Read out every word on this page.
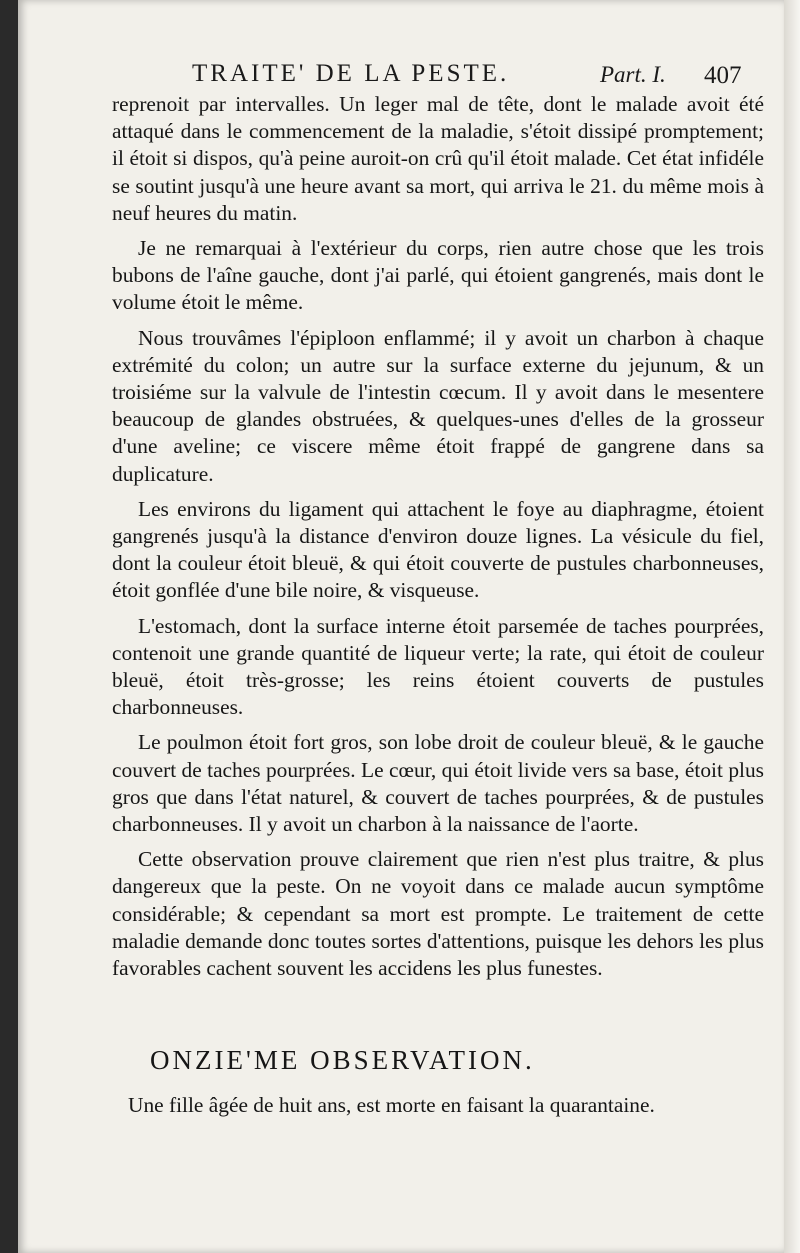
TRAITE' DE LA PESTE.	Part. I. 407

reprenoit par intervalles. Un leger mal de tête, dont le malade avoit été attaqué dans le commencement de la maladie, s'étoit dissipé promptement; il étoit si dispos, qu'à peine auroit-on crû qu'il étoit malade. Cet état infidéle se soutint jusqu'à une heure avant sa mort, qui arriva le 21. du même mois à neuf heures du matin.

Je ne remarquai à l'extérieur du corps, rien autre chose que les trois bubons de l'aîne gauche, dont j'ai parlé, qui étoient gangrenés, mais dont le volume étoit le même.

Nous trouvâmes l'épiploon enflammé; il y avoit un charbon à chaque extrémité du colon; un autre sur la surface externe du jejunum, & un troisiéme sur la valvule de l'intestin cœcum. Il y avoit dans le mesentere beaucoup de glandes obstruées, & quelques-unes d'elles de la grosseur d'une aveline; ce viscere même étoit frappé de gangrene dans sa duplicature.

Les environs du ligament qui attachent le foye au diaphragme, étoient gangrenés jusqu'à la distance d'environ douze lignes. La vésicule du fiel, dont la couleur étoit bleuë, & qui étoit couverte de pustules charbonneuses, étoit gonflée d'une bile noire, & visqueuse.

L'estomach, dont la surface interne étoit parsemée de taches pourprées, contenoit une grande quantité de liqueur verte; la rate, qui étoit de couleur bleuë, étoit très-grosse; les reins étoient couverts de pustules charbonneuses.

Le poulmon étoit fort gros, son lobe droit de couleur bleuë, & le gauche couvert de taches pourprées. Le cœur, qui étoit livide vers sa base, étoit plus gros que dans l'état naturel, & couvert de taches pourprées, & de pustules charbonneuses. Il y avoit un charbon à la naissance de l'aorte.

Cette observation prouve clairement que rien n'est plus traitre, & plus dangereux que la peste. On ne voyoit dans ce malade aucun symptôme considérable; & cependant sa mort est prompte. Le traitement de cette maladie demande donc toutes sortes d'attentions, puisque les dehors les plus favorables cachent souvent les accidens les plus funestes.

ONZIE'ME OBSERVATION.
Une fille âgée de huit ans, est morte en faisant la quarantaine.
